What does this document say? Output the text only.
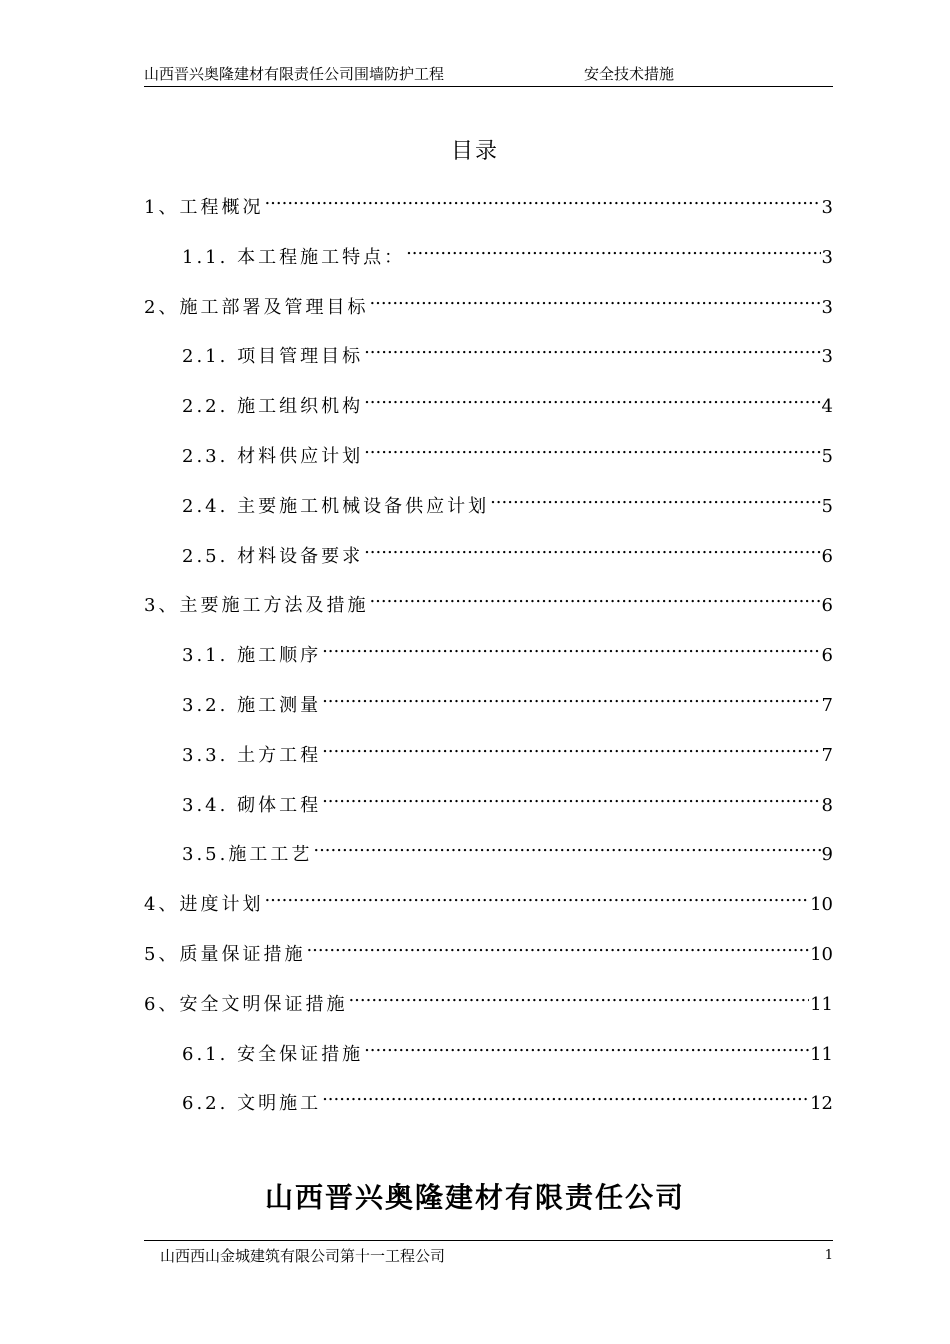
山西晋兴奥隆建材有限责任公司围墙防护工程	安全技术措施
目录
1、工程概况 .....	3
1.1. 本工程施工特点： .....	3
2、施工部署及管理目标 .....	3
2.1. 项目管理目标 .....	3
2.2. 施工组织机构 .....	4
2.3. 材料供应计划 .....	5
2.4. 主要施工机械设备供应计划 .....	5
2.5. 材料设备要求 .....	6
3、主要施工方法及措施 .....	6
3.1. 施工顺序 .....	6
3.2. 施工测量 .....	7
3.3. 土方工程 .....	7
3.4. 砌体工程 .....	8
3.5.施工工艺 .....	9
4、进度计划 .....	10
5、质量保证措施 .....	10
6、安全文明保证措施 .....	11
6.1. 安全保证措施 .....	11
6.2. 文明施工 .....	12
山西晋兴奥隆建材有限责任公司
山西西山金城建筑有限公司第十一工程公司	1
